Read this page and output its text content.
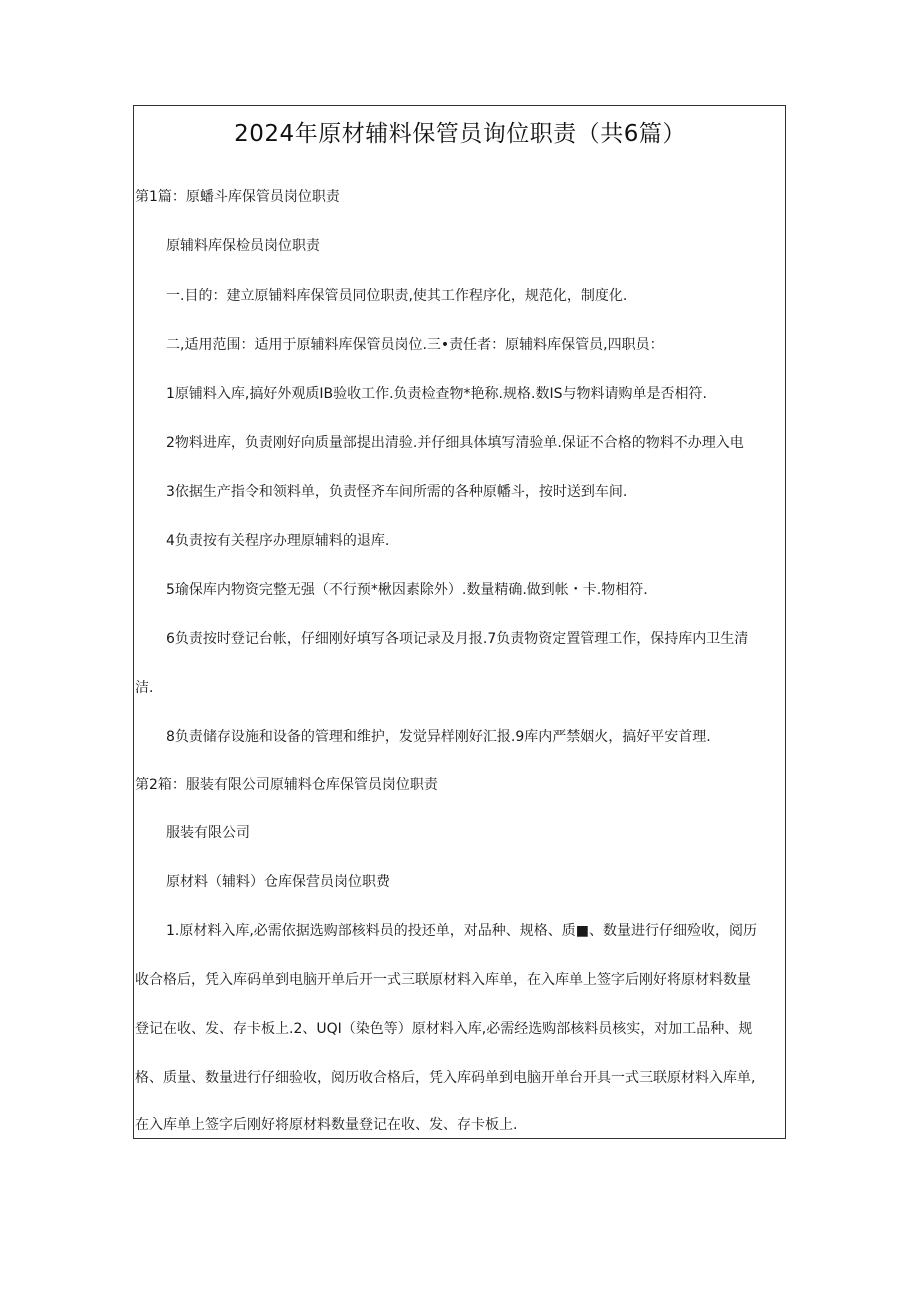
2024年原材辅料保管员询位职责（共6篇）

第1篇：原蟠斗库保管员岗位职责

原辅料库保检员岗位职责

一.目的：建立原铺料库保管员同位职责,使其工作程序化，规范化，制度化.

二,适用范围：适用于原辅料库保管员岗位.三•责任者：原辅料库保管员,四职员：

1原铺料入库,搞好外观质IB验收工作.负责检查物*艳称.规格.数IS与物料请购单是否相符.

2物料进库，负责刚好向质量部提出清验.并仔细具体填写清验单.保证不合格的物料不办理入电

3依据生产指令和领料单，负责怪齐车间所需的各种原幡斗，按时送到车间.

4负责按有关程序办理原辅料的退库.

5瑜保库内物资完整无强（不行预*楸因素除外）.数量精确.做到帐・卡.物相符.

6负责按时登记台帐，仔细刚好填写各项记录及月报.7负责物资定置管理工作，保持库内卫生清

洁.

8负责储存设施和设备的管理和维护，发觉异样刚好汇报.9库内严禁姻火，搞好平安首理.

第2箱：服装有限公司原辅料仓库保管员岗位职责

服装有限公司

原材料（辅料）仓库保营员岗位职费

1.原材料入库,必需依据选购部核料员的投还单，对品种、规格、质■、数量进行仔细殓收，阅历

收合格后，凭入库码单到电脑开单后开一式三联原材料入库单，在入库单上签字后刚好将原材料数量

登记在收、发、存卡板上.2、UQI（染色等）原材料入库,必需经选购部核料员核实，对加工品种、规

格、质量、数量进行仔细验收，阅历收合格后，凭入库码单到电脑开单台开具一式三联原材料入库单,

在入库单上签字后刚好将原材料数量登记在收、发、存卡板上.
